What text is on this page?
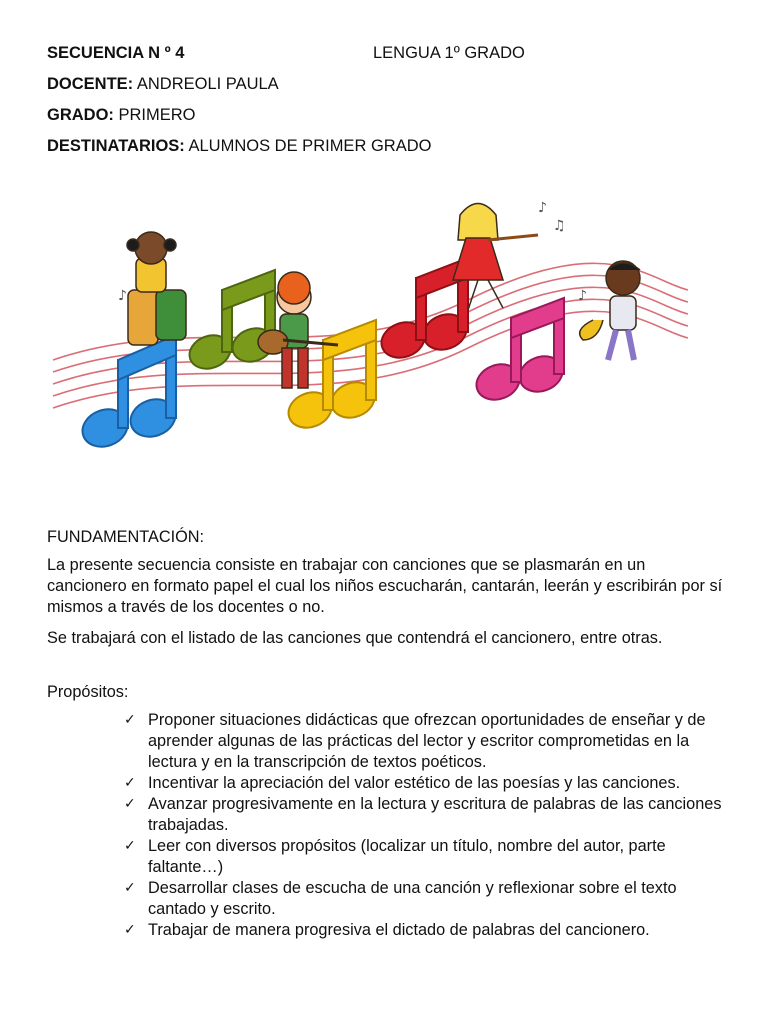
SECUENCIA N º 4	LENGUA 1º GRADO
DOCENTE: ANDREOLI PAULA
GRADO: PRIMERO
DESTINATARIOS: ALUMNOS DE PRIMER GRADO
♪
♫
♪
♪
FUNDAMENTACIÓN:
La presente secuencia consiste en trabajar con canciones que se plasmarán en un cancionero en formato papel el cual los niños escucharán, cantarán, leerán y escribirán por sí mismos a través de los docentes o no.
Se trabajará con el listado de las canciones que contendrá el cancionero, entre otras.
Propósitos:
✓ Proponer situaciones didácticas que ofrezcan oportunidades de enseñar y de aprender algunas de las prácticas del lector y escritor comprometidas en la lectura y en la transcripción de textos poéticos.
✓ Incentivar la apreciación del valor estético de las poesías y las canciones.
✓ Avanzar progresivamente en la lectura y escritura de palabras de las canciones trabajadas.
✓ Leer con diversos propósitos (localizar un título, nombre del autor, parte faltante…)
✓ Desarrollar clases de escucha de una canción y reflexionar sobre el texto cantado y escrito.
✓ Trabajar de manera progresiva el dictado de palabras del cancionero.
